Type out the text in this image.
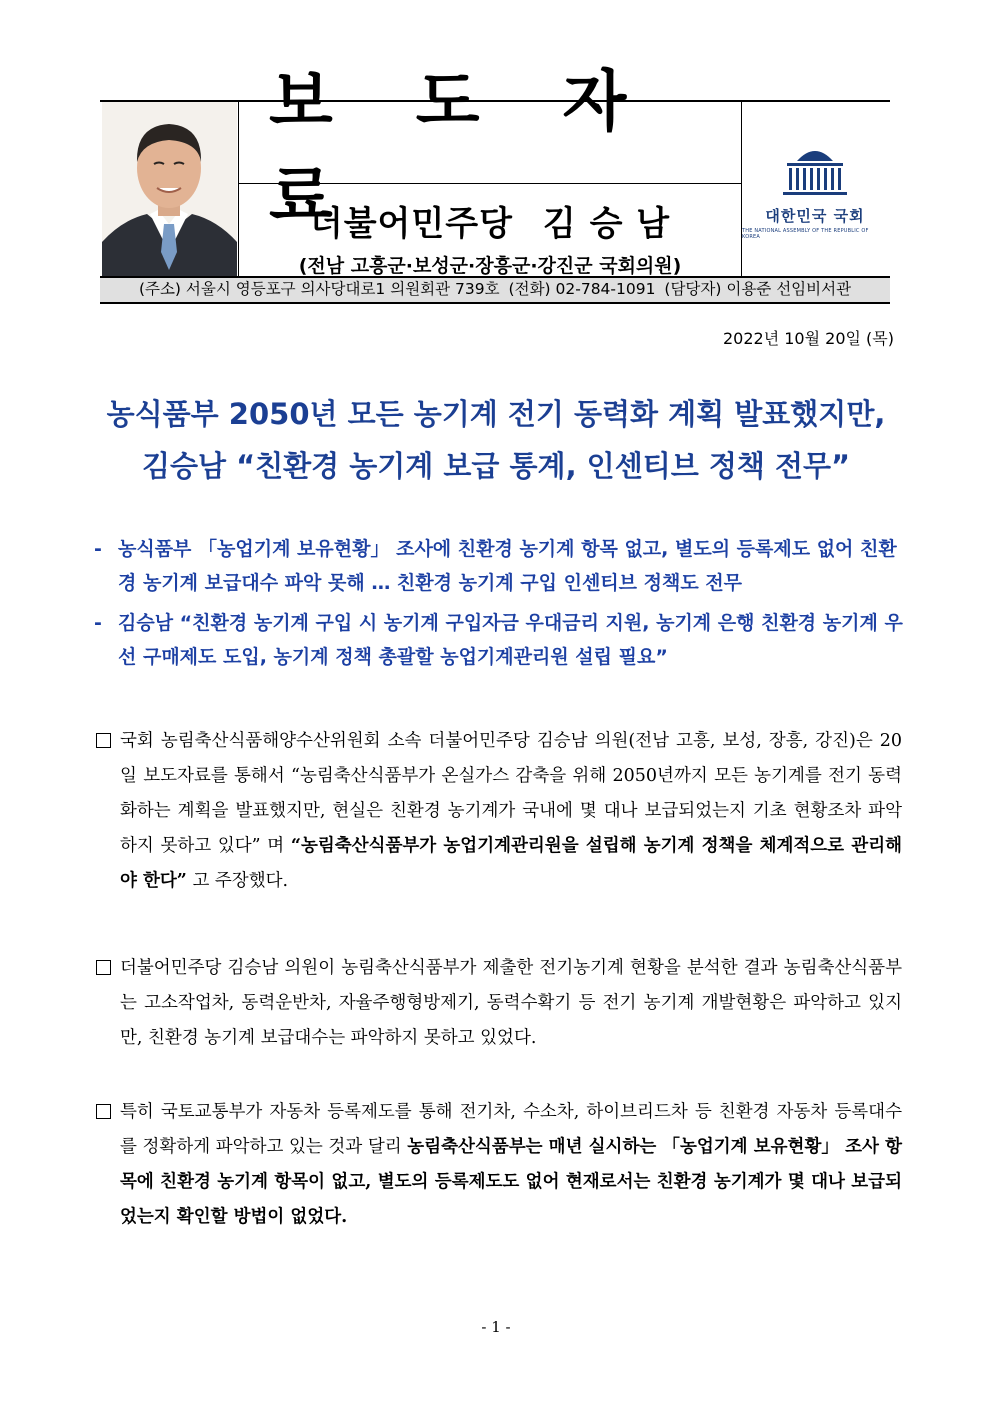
보 도 자 료
더불어민주당 김 승 남
(전남 고흥군·보성군·장흥군·강진군 국회의원)
대한민국 국회
THE NATIONAL ASSEMBLY OF THE REPUBLIC OF KOREA
(주소) 서울시 영등포구 의사당대로1 의원회관 739호 (전화) 02-784-1091 (담당자) 이용준 선임비서관
2022년 10월 20일 (목)
농식품부 2050년 모든 농기계 전기 동력화 계획 발표했지만,
김승남 “친환경 농기계 보급 통계, 인센티브 정책 전무”
- 농식품부 「농업기계 보유현황」 조사에 친환경 농기계 항목 없고, 별도의 등록제도 없어 친환경 농기계 보급대수 파악 못해 … 친환경 농기계 구입 인센티브 정책도 전무
- 김승남 “친환경 농기계 구입 시 농기계 구입자금 우대금리 지원, 농기계 은행 친환경 농기계 우선 구매제도 도입, 농기계 정책 총괄할 농업기계관리원 설립 필요”
국회 농림축산식품해양수산위원회 소속 더불어민주당 김승남 의원(전남 고흥, 보성, 장흥, 강진)은 20일 보도자료를 통해서 “농림축산식품부가 온실가스 감축을 위해 2050년까지 모든 농기계를 전기 동력화하는 계획을 발표했지만, 현실은 친환경 농기계가 국내에 몇 대나 보급되었는지 기초 현황조차 파악하지 못하고 있다” 며 “농림축산식품부가 농업기계관리원을 설립해 농기계 정책을 체계적으로 관리해야 한다” 고 주장했다.
더불어민주당 김승남 의원이 농림축산식품부가 제출한 전기농기계 현황을 분석한 결과 농림축산식품부는 고소작업차, 동력운반차, 자율주행형방제기, 동력수확기 등 전기 농기계 개발현황은 파악하고 있지만, 친환경 농기계 보급대수는 파악하지 못하고 있었다.
특히 국토교통부가 자동차 등록제도를 통해 전기차, 수소차, 하이브리드차 등 친환경 자동차 등록대수를 정확하게 파악하고 있는 것과 달리 농림축산식품부는 매년 실시하는 「농업기계 보유현황」 조사 항목에 친환경 농기계 항목이 없고, 별도의 등록제도도 없어 현재로서는 친환경 농기계가 몇 대나 보급되었는지 확인할 방법이 없었다.
- 1 -
